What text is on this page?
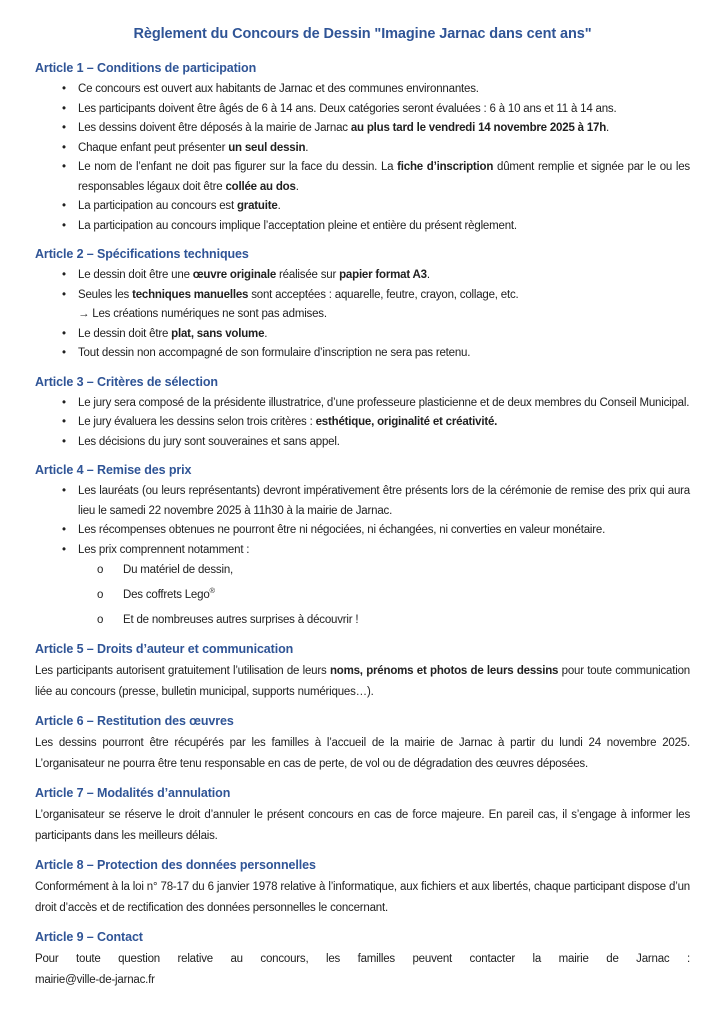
Règlement du Concours de Dessin "Imagine Jarnac dans cent ans"
Article 1 – Conditions de participation
•	Ce concours est ouvert aux habitants de Jarnac et des communes environnantes.
•	Les participants doivent être âgés de 6 à 14 ans. Deux catégories seront évaluées : 6 à 10 ans et 11 à 14 ans.
•	Les dessins doivent être déposés à la mairie de Jarnac au plus tard le vendredi 14 novembre 2025 à 17h.
•	Chaque enfant peut présenter un seul dessin.
•	Le nom de l’enfant ne doit pas figurer sur la face du dessin. La fiche d’inscription dûment remplie et signée par le ou les responsables légaux doit être collée au dos.
•	La participation au concours est gratuite.
•	La participation au concours implique l’acceptation pleine et entière du présent règlement.
Article 2 – Spécifications techniques
•	Le dessin doit être une œuvre originale réalisée sur papier format A3.
•	Seules les techniques manuelles sont acceptées : aquarelle, feutre, crayon, collage, etc.
→ Les créations numériques ne sont pas admises.
•	Le dessin doit être plat, sans volume.
•	Tout dessin non accompagné de son formulaire d’inscription ne sera pas retenu.
Article 3 – Critères de sélection
•	Le jury sera composé de la présidente illustratrice, d’une professeure plasticienne et de deux membres du Conseil Municipal.
•	Le jury évaluera les dessins selon trois critères : esthétique, originalité et créativité.
•	Les décisions du jury sont souveraines et sans appel.
Article 4 – Remise des prix
•	Les lauréats (ou leurs représentants) devront impérativement être présents lors de la cérémonie de remise des prix qui aura lieu le samedi 22 novembre 2025 à 11h30 à la mairie de Jarnac.
•	Les récompenses obtenues ne pourront être ni négociées, ni échangées, ni converties en valeur monétaire.
•	Les prix comprennent notamment :
o	Du matériel de dessin,
o	Des coffrets Lego®
o	Et de nombreuses autres surprises à découvrir !
Article 5 – Droits d’auteur et communication

Les participants autorisent gratuitement l’utilisation de leurs noms, prénoms et photos de leurs dessins pour toute communication liée au concours (presse, bulletin municipal, supports numériques…).

Article 6 – Restitution des œuvres

Les dessins pourront être récupérés par les familles à l’accueil de la mairie de Jarnac à partir du lundi 24 novembre 2025. L’organisateur ne pourra être tenu responsable en cas de perte, de vol ou de dégradation des œuvres déposées.

Article 7 – Modalités d’annulation

L’organisateur se réserve le droit d’annuler le présent concours en cas de force majeure. En pareil cas, il s’engage à informer les participants dans les meilleurs délais.

Article 8 – Protection des données personnelles

Conformément à la loi n° 78-17 du 6 janvier 1978 relative à l’informatique, aux fichiers et aux libertés, chaque participant dispose d’un droit d’accès et de rectification des données personnelles le concernant.

Article 9 – Contact

Pour toute question relative au concours, les familles peuvent contacter la mairie de Jarnac :

mairie@ville-de-jarnac.fr
